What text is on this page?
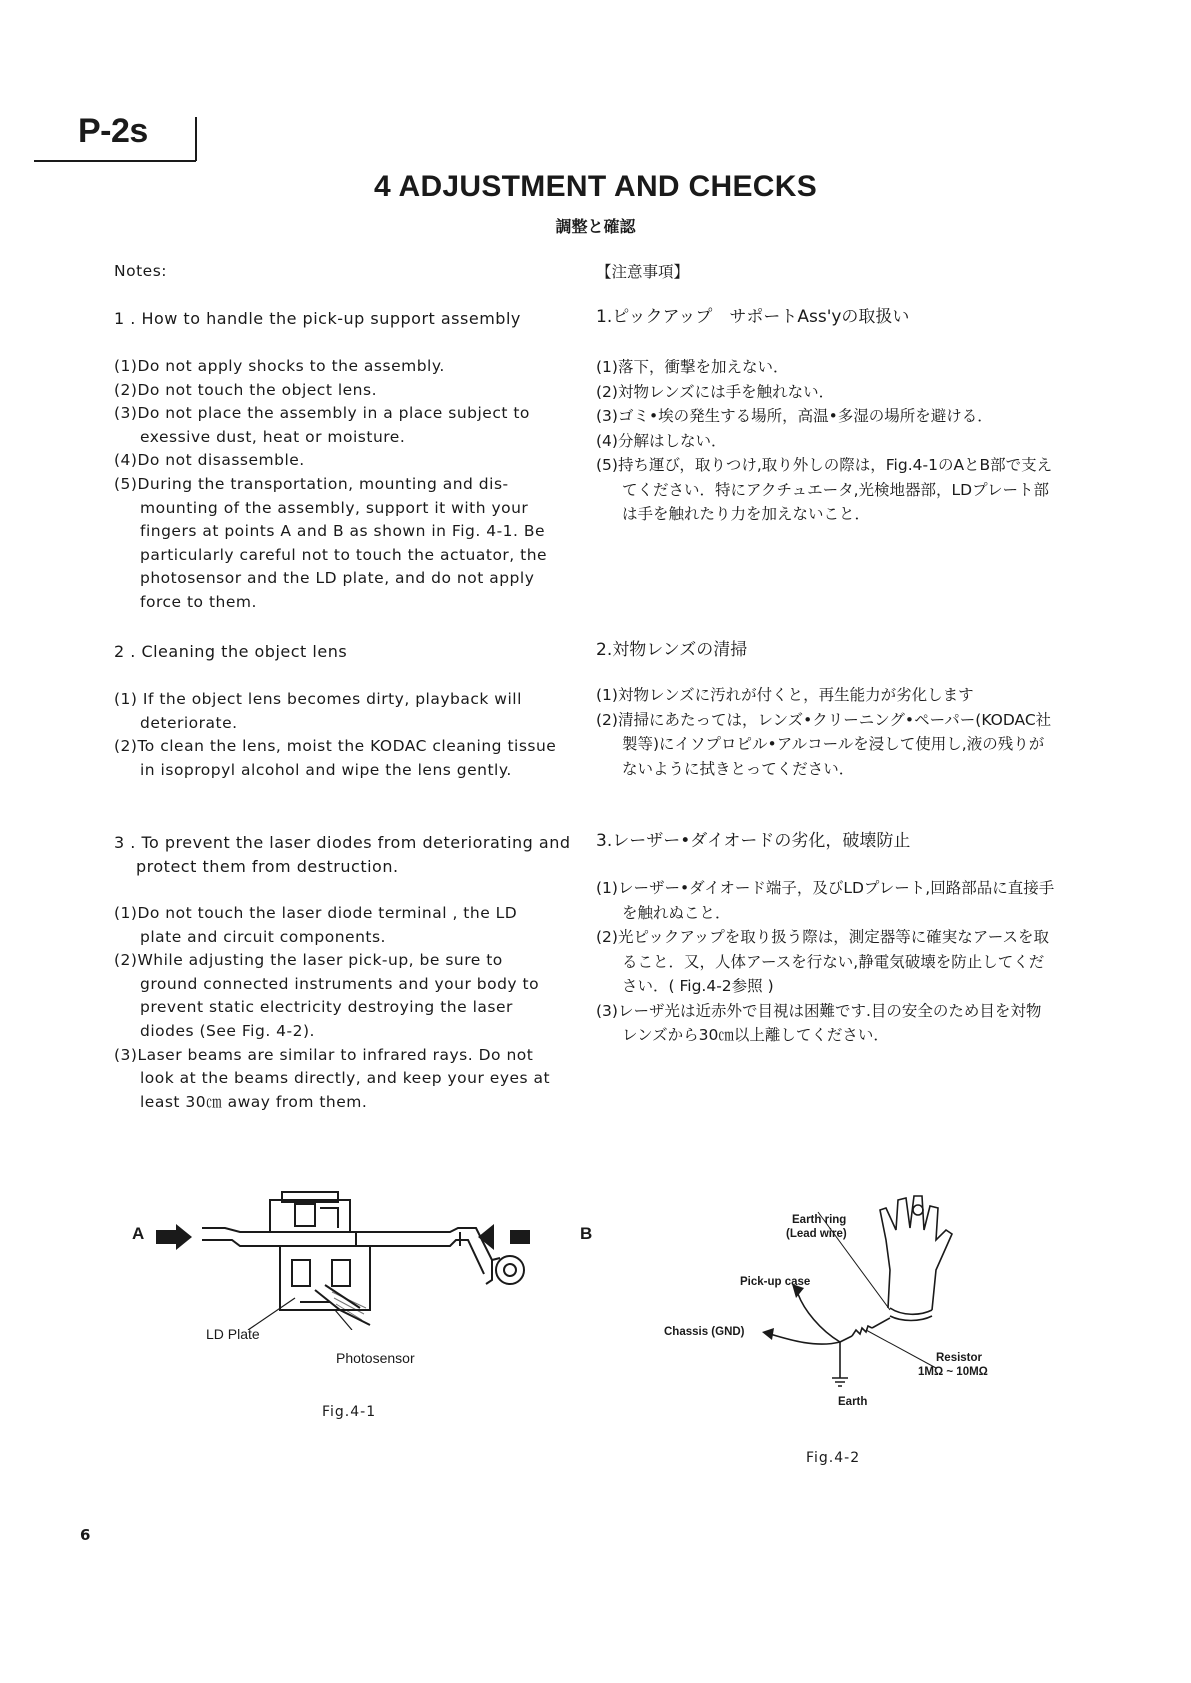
P-2s
4 ADJUSTMENT AND CHECKS
調整と確認
Notes:
1 . How to handle the pick-up support assembly
(1)Do not apply shocks to the assembly.
(2)Do not touch the object lens.
(3)Do not place the assembly in a place subject to exessive dust, heat or moisture.
(4)Do not disassemble.
(5)During the transportation, mounting and dis- mounting of the assembly, support it with your fingers at points A and B as shown in Fig. 4-1. Be particularly careful not to touch the actuator, the photosensor and the LD plate, and do not apply force to them.
2 . Cleaning the object lens
(1) If the object lens becomes dirty, playback will deteriorate.
(2)To clean the lens, moist the KODAC cleaning tissue in isopropyl alcohol and wipe the lens gently.
3 . To prevent the laser diodes from deteriorating and protect them from destruction.
(1)Do not touch the laser diode terminal , the LD plate and circuit components.
(2)While adjusting the laser pick-up, be sure to ground connected instruments and your body to prevent static electricity destroying the laser diodes (See Fig. 4-2).
(3)Laser beams are similar to infrared rays. Do not look at the beams directly, and keep your eyes at least 30㎝ away from them.
【注意事項】
1.ピックアップ　サポートAss'yの取扱い
(1)落下，衝撃を加えない．
(2)対物レンズには手を触れない．
(3)ゴミ•埃の発生する場所，高温•多湿の場所を避ける．
(4)分解はしない．
(5)持ち運び，取りつけ,取り外しの際は，Fig.4-1のAとB部で支えてください．特にアクチュエータ,光検地器部，LDプレート部は手を触れたり力を加えないこと．
2.対物レンズの清掃
(1)対物レンズに汚れが付くと，再生能力が劣化します
(2)清掃にあたっては，レンズ•クリーニング•ペーパー(KODAC社製等)にイソプロピル•アルコールを浸して使用し,液の残りがないように拭きとってください．
3.レーザー•ダイオードの劣化，破壊防止
(1)レーザー•ダイオード端子，及びLDプレート,回路部品に直接手を触れぬこと．
(2)光ピックアップを取り扱う際は，測定器等に確実なアースを取ること．又，人体アースを行ない,静電気破壊を防止してください．( Fig.4-2参照 )
(3)レーザ光は近赤外で目視は困難です.目の安全のため目を対物レンズから30㎝以上離してください．
A	B
LD Plate
Photosensor
Fig.4-1
Earth ring
(Lead wire)
Pick-up case
Chassis (GND)
Resistor
1MΩ ~ 10MΩ
Earth
Fig.4-2
6
